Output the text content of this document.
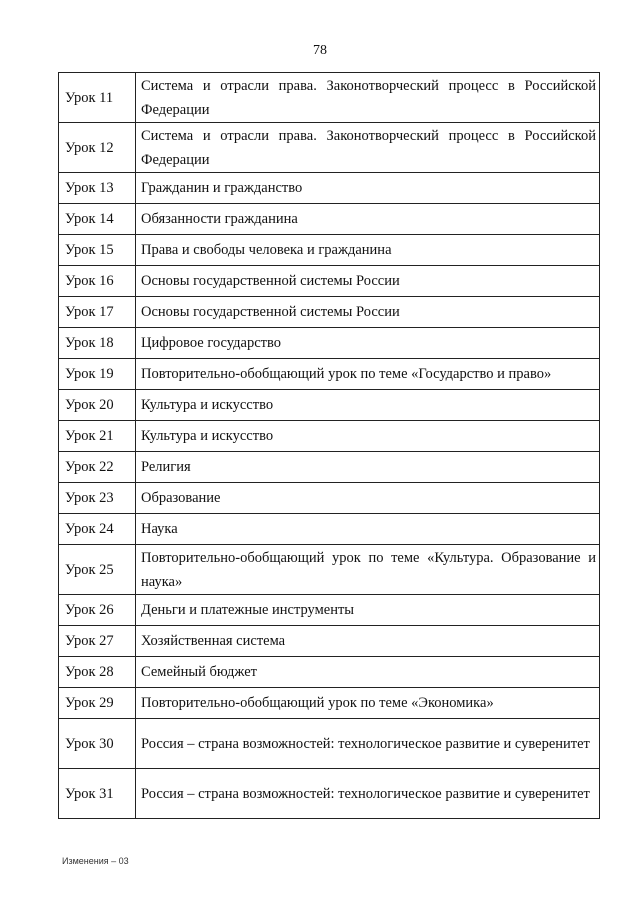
78
Урок 11	Система и отрасли права. Законотворческий процесс в Российской Федерации
Урок 12	Система и отрасли права. Законотворческий процесс в Российской Федерации
Урок 13	Гражданин и гражданство
Урок 14	Обязанности гражданина
Урок 15	Права и свободы человека и гражданина
Урок 16	Основы государственной системы России
Урок 17	Основы государственной системы России
Урок 18	Цифровое государство
Урок 19	Повторительно-обобщающий урок по теме «Государство и право»
Урок 20	Культура и искусство
Урок 21	Культура и искусство
Урок 22	Религия
Урок 23	Образование
Урок 24	Наука
Урок 25	Повторительно-обобщающий урок по теме «Культура. Образование и наука»
Урок 26	Деньги и платежные инструменты
Урок 27	Хозяйственная система
Урок 28	Семейный бюджет
Урок 29	Повторительно-обобщающий урок по теме «Экономика»
Урок 30	Россия – страна возможностей: технологическое развитие и суверенитет
Урок 31	Россия – страна возможностей: технологическое развитие и суверенитет
Изменения – 03
